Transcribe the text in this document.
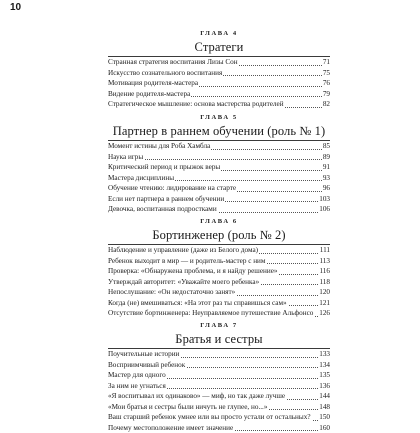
10
ГЛАВА 4
Стратеги
Странная стратегия воспитания Лизы Сон	71
Искусство сознательного воспитания	75
Мотивация родителя-мастера	76
Видение родителя-мастера	79
Стратегическое мышление: основа мастерства родителей	82
ГЛАВА 5
Партнер в раннем обучении (роль № 1)
Момент истины для Роба Хамбла	85
Наука игры	89
Критический период и прыжок веры	91
Мастера дисциплины	93
Обучение чтению: лидирование на старте	96
Если нет партнера в раннем обучении	103
Девочка, воспитанная подростками	106
ГЛАВА 6
Бортинженер (роль № 2)
Наблюдение и управление (даже из Белого дома)	111
Ребенок выходит в мир — и родитель-мастер с ним	113
Проверка: «Обнаружена проблема, и я найду решение»	116
Утверждай авторитет: «Уважайте моего ребенка»	118
Непослушание: «Он недостаточно занят»	120
Когда (не) вмешиваться: «На этот раз ты справишься сам»	121
Отсутствие бортинженера: Неуправляемое путешествие Альфонсо 126
ГЛАВА 7
Братья и сестры
Поучительные истории	133
Восприимчивый ребенок	134
Мастер для одного	135
За ним не угнаться	136
«Я воспитывал их одинаково» — миф, но так даже лучше	144
«Мои братья и сестры были ничуть не глупее, но...»	148
Ваш старший ребенок умнее или вы просто устали от остальных? 150
Почему местоположение имеет значение	160
